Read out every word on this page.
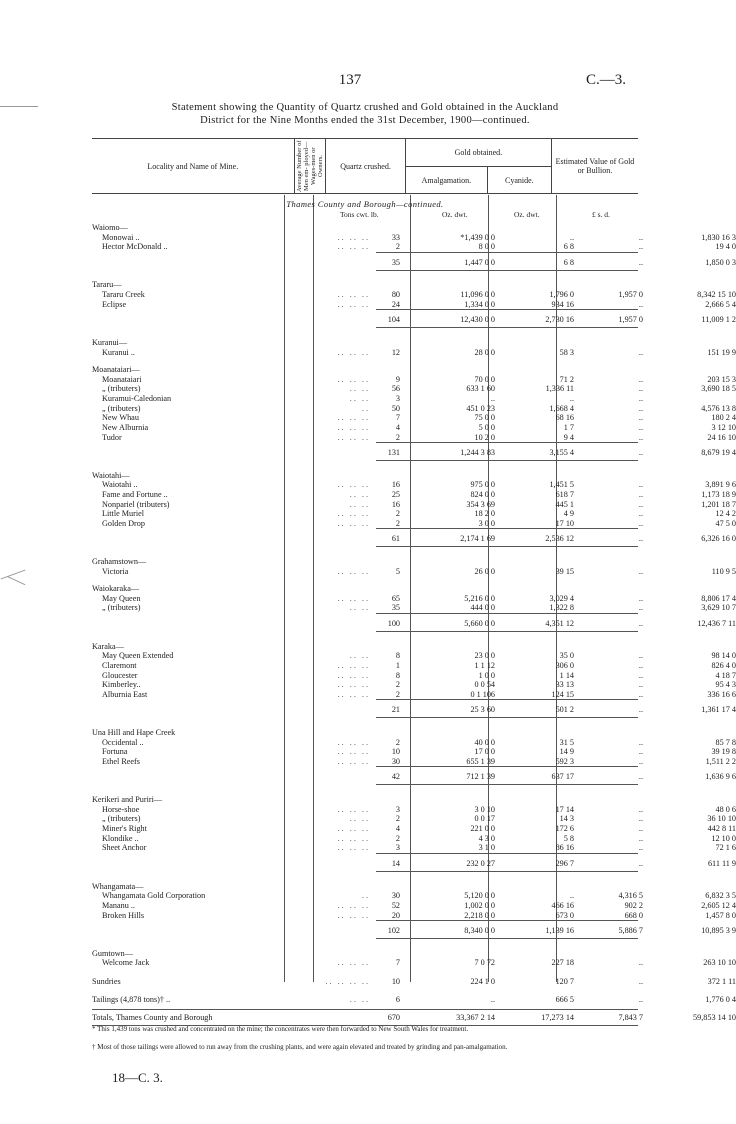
137	C.—3.
Statement showing the Quantity of Quartz crushed and Gold obtained in the Auckland
District for the Nine Months ended the 31st December, 1900—continued.
Locality and Name of Mine.	Average Number of Men em- ployed— Wages-men or Owners.	Quartz crushed.	Gold obtained.		Estimated Value of Gold or Bullion.
			Amalgamation.	Cyanide.	
Thames County and Borough—continued.
Tons cwt. lb.	Oz. dwt.	Oz. dwt.	£ s. d.
Waiomo—
Monowai ..	.. .. ..	33	*1,439 0 0	..	..	1,830 16 3
Hector McDonald ..	.. .. ..	2	8 0 0	6 8	..	19 4 0
35	1,447 0 0	6 8	..	1,850 0 3
Tararu—
Tararu Creek	.. .. ..	80	11,096 0 0	1,796 0	1,957 0	8,342 15 10
Eclipse	.. .. ..	24	1,334 0 0	934 16	..	2,666 5 4
104	12,430 0 0	2,730 16	1,957 0	11,009 1 2
Kuranui—
Kuranui ..	.. .. ..	12	28 0 0	58 3	..	151 19 9
Moanataiari—
Moanataiari	.. .. ..	9	70 0 0	71 2	..	203 15 3
„ (tributers)	.. ..	56	633 1 60	1,336 11	..	3,690 18 5
Kuramui-Caledonian	.. ..	3	..	..	..
„ (tributers)	..	50	451 0 23	1,668 4	..	4,576 13 8
New Whau	.. .. ..	7	75 0 0	68 16	..	180 2 4
New Alburnia	.. .. ..	4	5 0 0	1 7	..	3 12 10
Tudor	.. .. ..	2	10 2 0	9 4	..	24 16 10
131	1,244 3 83	3,155 4	..	8,679 19 4
Waiotahi—
Waiotahi ..	.. .. ..	16	975 0 0	1,451 5	..	3,891 9 6
Fame and Fortune ..	.. ..	25	824 0 0	618 7	..	1,173 18 9
Nonpariel (tributers)	.. ..	16	354 3 69	445 1	..	1,201 18 7
Little Muriel	.. .. ..	2	18 2 0	4 9	..	12 4 2
Golden Drop	.. .. ..	2	3 0 0	17 10	..	47 5 0
61	2,174 1 69	2,536 12	..	6,326 16 0
Grahamstown—
Victoria	.. .. ..	5	26 0 0	39 15	..	110 9 5
Waiokaraka—
May Queen	.. .. ..	65	5,216 0 0	3,029 4	..	8,806 17 4
„ (tributers)	.. ..	35	444 0 0	1,322 8	..	3,629 10 7
100	5,660 0 0	4,351 12	..	12,436 7 11
Karaka—
May Queen Extended	.. ..	8	23 0 0	35 0	..	98 14 0
Claremont	.. .. ..	1	1 1 12	306 0	..	826 4 0
Gloucester	.. .. ..	8	1 0 0	1 14	..	4 18 7
Kimberley..	.. .. ..	2	0 0 54	33 13	..	95 4 3
Alburnia East	.. .. ..	2	0 1 106	124 15	..	336 16 6
21	25 3 60	501 2	..	1,361 17 4
Una Hill and Hape Creek
Occidental ..	.. .. ..	2	40 0 0	31 5	..	85 7 8
Fortuna	.. .. ..	10	17 0 0	14 9	..	39 19 8
Ethel Reefs	.. .. ..	30	655 1 39	592 3	..	1,511 2 2
42	712 1 39	637 17	..	1,636 9 6
Kerikeri and Puriri—
Horse-shoe	.. .. ..	3	3 0 10	17 14	..	48 0 6
„ (tributers)	.. ..	2	0 0 17	14 3	..	36 10 10
Miner's Right	.. .. ..	4	221 0 0	172 6	..	442 8 11
Klondike ..	.. .. ..	2	4 3 0	5 8	..	12 10 0
Sheet Anchor	.. .. ..	3	3 1 0	86 16	..	72 1 6
14	232 0 27	296 7	..	611 11 9
Whangamata—
Whangamata Gold Corporation	..	30	5,120 0 0	..	4,316 5	6,832 3 5
Mananu ..	.. .. ..	52	1,002 0 0	466 16	902 2	2,605 12 4
Broken Hills	.. .. ..	20	2,218 0 0	673 0	668 0	1,457 8 0
102	8,340 0 0	1,139 16	5,886 7	10,895 3 9
Gumtown—
Welcome Jack	.. .. ..	7	7 0 72	227 18	..	263 10 10
Sundries	.. .. .. ..	10	224 1 0	120 7	..	372 1 11
Tailings (4,878 tons)† ..	.. ..	6	..	666 5	..	1,776 0 4
Totals, Thames County and Borough	670	33,367 2 14	17,273 14	7,843 7	59,853 14 10
* This 1,439 tons was crushed and concentrated on the mine; the concentrates were then forwarded to New South Wales for treatment.
† Most of those tailings were allowed to run away from the crushing plants, and were again elevated and treated by grinding and pan-amalgamation.
18—C. 3.
